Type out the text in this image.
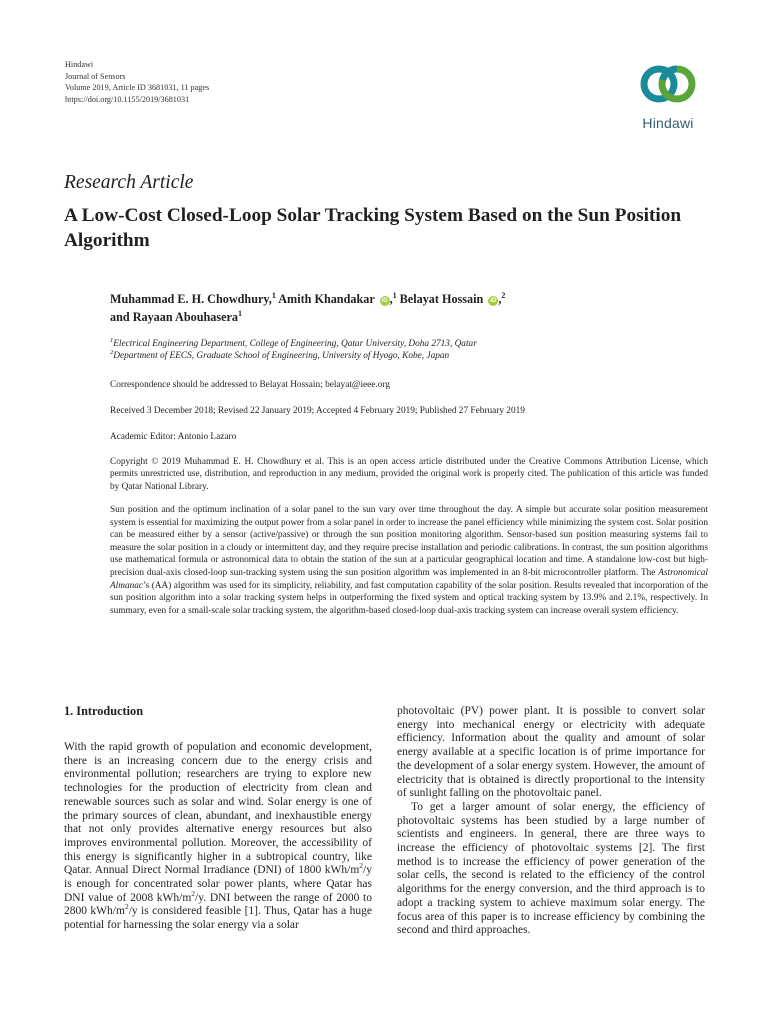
Hindawi
Journal of Sensors
Volume 2019, Article ID 3681031, 11 pages
https://doi.org/10.1155/2019/3681031
Hindawi
Research Article
A Low-Cost Closed-Loop Solar Tracking System Based on the Sun Position Algorithm
Muhammad E. H. Chowdhury,$^1$ Amith Khandakar iD ,$^1$ Belayat Hossain iD ,$^2$
and Rayaan Abouhasera$^1$
$^1$Electrical Engineering Department, College of Engineering, Qatar University, Doha 2713, Qatar
$^2$Department of EECS, Graduate School of Engineering, University of Hyogo, Kobe, Japan
Correspondence should be addressed to Belayat Hossain; belayat@ieee.org
Received 3 December 2018; Revised 22 January 2019; Accepted 4 February 2019; Published 27 February 2019
Academic Editor: Antonio Lazaro
Copyright © 2019 Muhammad E. H. Chowdhury et al. This is an open access article distributed under the Creative Commons Attribution License, which permits unrestricted use, distribution, and reproduction in any medium, provided the original work is properly cited. The publication of this article was funded by Qatar National Library.
Sun position and the optimum inclination of a solar panel to the sun vary over time throughout the day. A simple but accurate solar position measurement system is essential for maximizing the output power from a solar panel in order to increase the panel efficiency while minimizing the system cost. Solar position can be measured either by a sensor (active/passive) or through the sun position monitoring algorithm. Sensor-based sun position measuring systems fail to measure the solar position in a cloudy or intermittent day, and they require precise installation and periodic calibrations. In contrast, the sun position algorithms use mathematical formula or astronomical data to obtain the station of the sun at a particular geographical location and time. A standalone low-cost but high-precision dual-axis closed-loop sun-tracking system using the sun position algorithm was implemented in an 8-bit microcontroller platform. The Astronomical Almanac’s (AA) algorithm was used for its simplicity, reliability, and fast computation capability of the solar position. Results revealed that incorporation of the sun position algorithm into a solar tracking system helps in outperforming the fixed system and optical tracking system by 13.9% and 2.1%, respectively. In summary, even for a small-scale solar tracking system, the algorithm-based closed-loop dual-axis tracking system can increase overall system efficiency.
1. Introduction

With the rapid growth of population and economic development, there is an increasing concern due to the energy crisis and environmental pollution; researchers are trying to explore new technologies for the production of electricity from clean and renewable sources such as solar and wind. Solar energy is one of the primary sources of clean, abundant, and inexhaustible energy that not only provides alternative energy resources but also improves environmental pollution. Moreover, the accessibility of this energy is significantly higher in a subtropical country, like Qatar. Annual Direct Normal Irradiance (DNI) of 1800 kWh/$m^2/y$ is enough for concentrated solar power plants, where Qatar has DNI value of 2008 kWh/$m^2/y$. DNI between the range of 2000 to 2800 kWh/$m^2/y$ is considered feasible [1]. Thus, Qatar has a huge potential for harnessing the solar energy via a solar

photovoltaic (PV) power plant. It is possible to convert solar energy into mechanical energy or electricity with adequate efficiency. Information about the quality and amount of solar energy available at a specific location is of prime importance for the development of a solar energy system. However, the amount of electricity that is obtained is directly proportional to the intensity of sunlight falling on the photovoltaic panel.

To get a larger amount of solar energy, the efficiency of photovoltaic systems has been studied by a large number of scientists and engineers. In general, there are three ways to increase the efficiency of photovoltaic systems [2]. The first method is to increase the efficiency of power generation of the solar cells, the second is related to the efficiency of the control algorithms for the energy conversion, and the third approach is to adopt a tracking system to achieve maximum solar energy. The focus area of this paper is to increase efficiency by combining the second and third approaches.
